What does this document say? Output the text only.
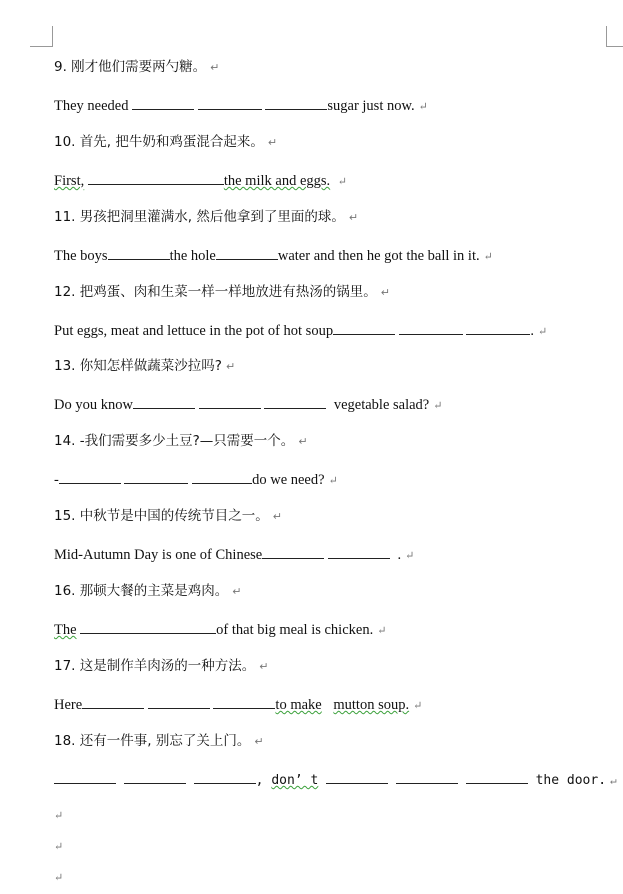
9. 刚才他们需要两勺糖。 ↵
They needed	sugar just now. ↵
10. 首先, 把牛奶和鸡蛋混合起来。 ↵
First,	the milk and eggs. ↵
11. 男孩把洞里灌满水, 然后他拿到了里面的球。 ↵
The boys	the hole	water and then he got the ball in it. ↵
12. 把鸡蛋、肉和生菜一样一样地放进有热汤的锅里。 ↵
Put eggs, meat and lettuce in the pot of hot soup	. ↵
13. 你知怎样做蔬菜沙拉吗? ↵
Do you know	vegetable salad? ↵
14. -我们需要多少土豆?—只需要一个。 ↵
-	do we need? ↵
15. 中秋节是中国的传统节目之一。 ↵
Mid-Autumn Day is one of Chinese	. ↵
16. 那顿大餐的主菜是鸡肉。 ↵
The	of that big meal is chicken. ↵
17. 这是制作羊肉汤的一种方法。 ↵
Here	to make mutton soup. ↵
18. 还有一件事, 别忘了关上门。 ↵
, don’ t	the door. ↵
↵
↵
↵
